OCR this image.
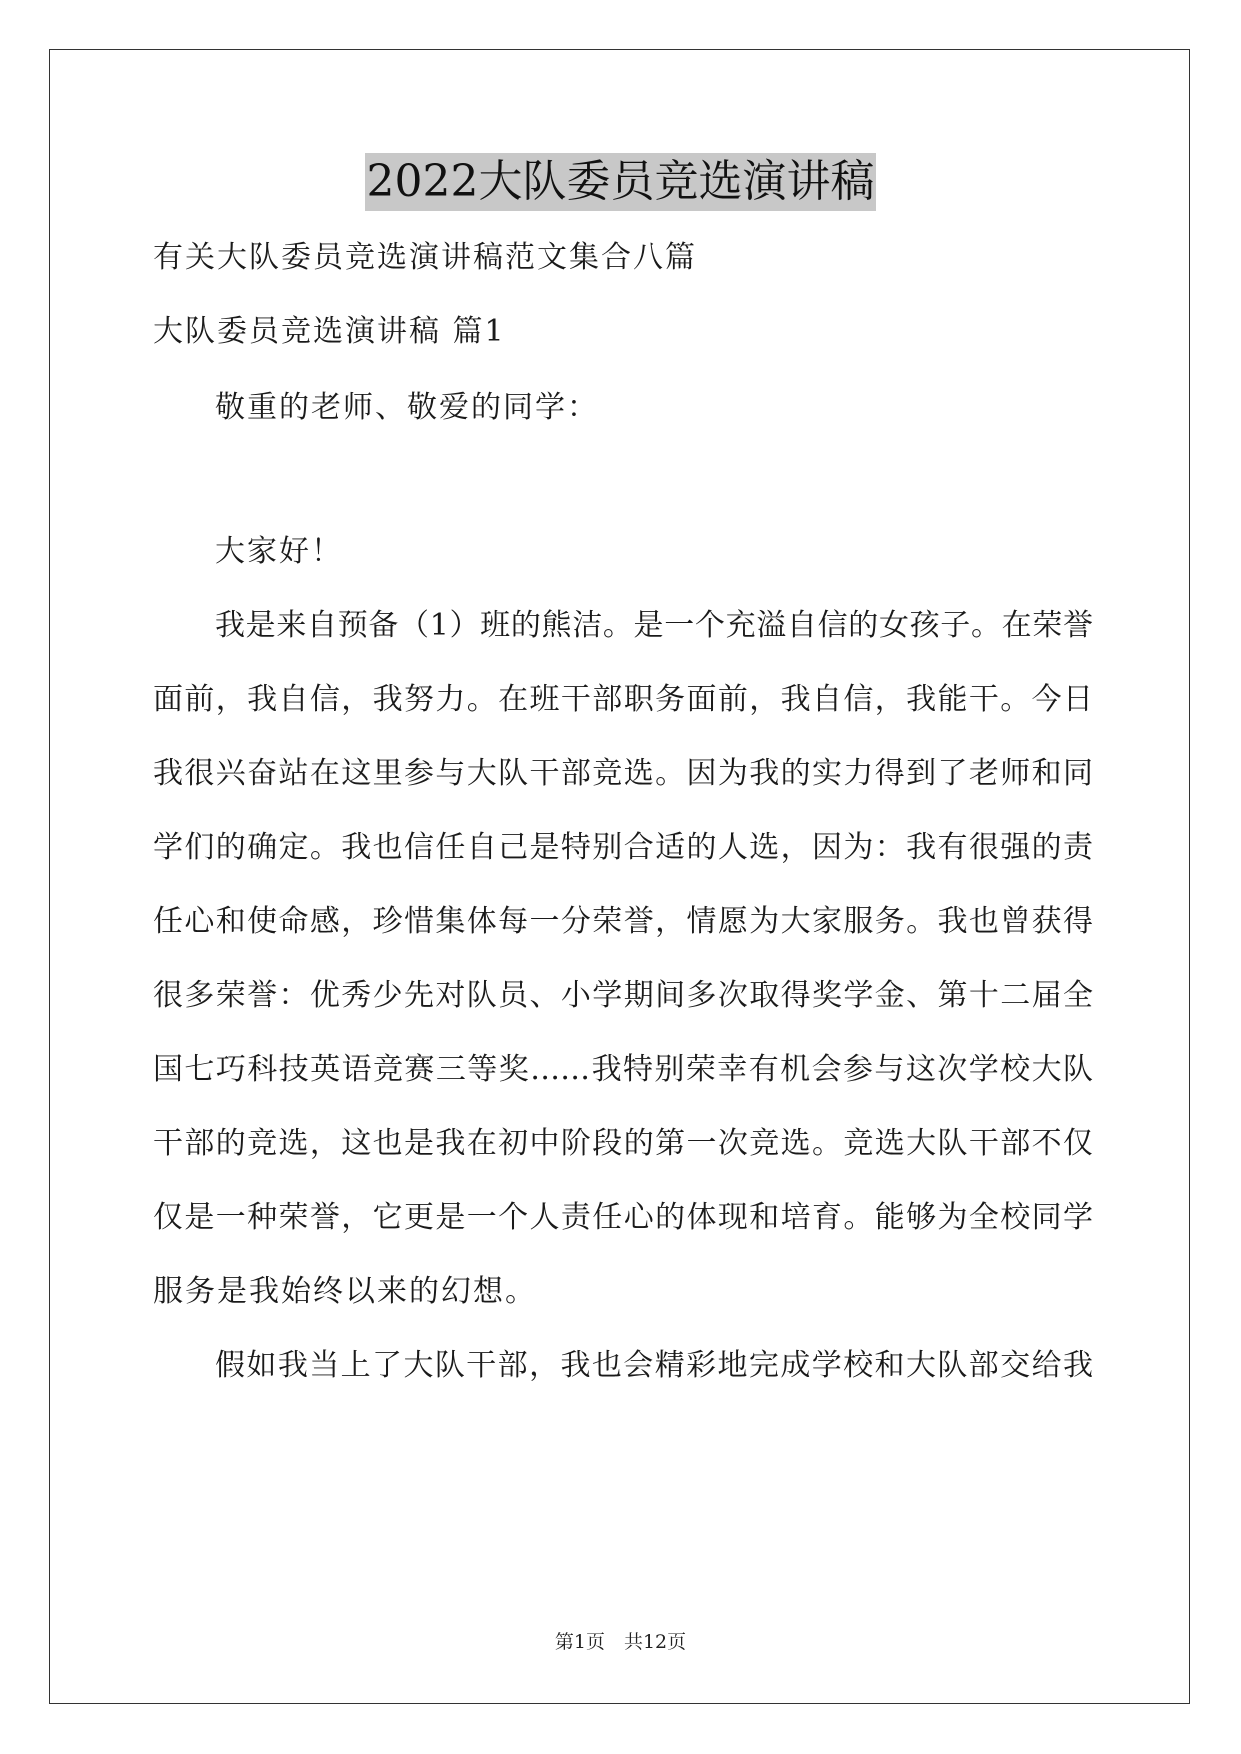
2022大队委员竞选演讲稿
有关大队委员竞选演讲稿范文集合八篇
大队委员竞选演讲稿 篇1
敬重的老师、敬爱的同学：
大家好！
我是来自预备（1）班的熊洁。是一个充溢自信的女孩子。在荣誉
面前，我自信，我努力。在班干部职务面前，我自信，我能干。今日
我很兴奋站在这里参与大队干部竞选。因为我的实力得到了老师和同
学们的确定。我也信任自己是特别合适的人选，因为：我有很强的责
任心和使命感，珍惜集体每一分荣誉，情愿为大家服务。我也曾获得
很多荣誉：优秀少先对队员、小学期间多次取得奖学金、第十二届全
国七巧科技英语竞赛三等奖……我特别荣幸有机会参与这次学校大队
干部的竞选，这也是我在初中阶段的第一次竞选。竞选大队干部不仅
仅是一种荣誉，它更是一个人责任心的体现和培育。能够为全校同学
服务是我始终以来的幻想。
假如我当上了大队干部，我也会精彩地完成学校和大队部交给我
第1页　共12页
